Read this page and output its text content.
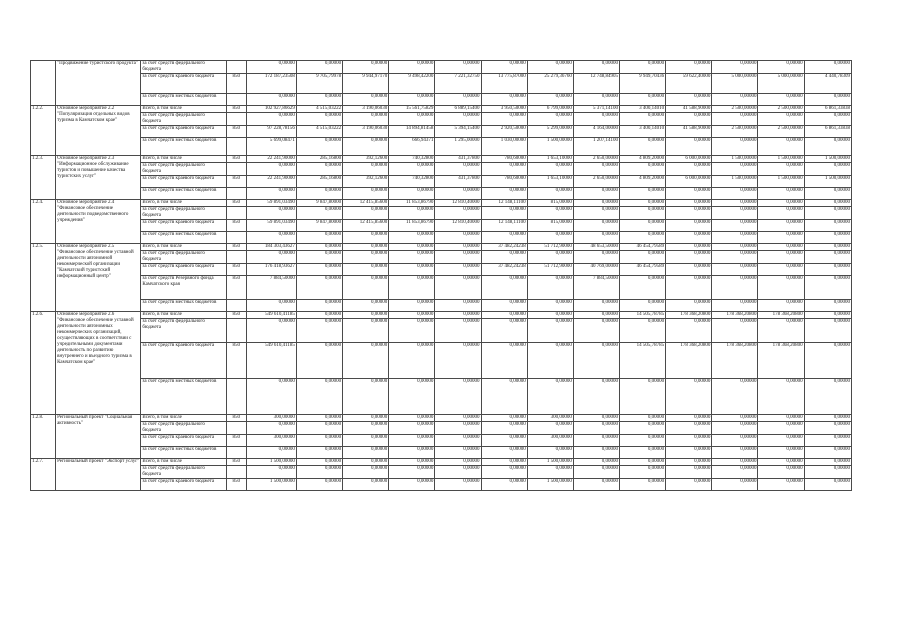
	"Продвижение туристского продукта"	за счет средств федерального бюджета		0,00000	0,00000	0,00000	0,00000	0,00000	0,00000	0,00000	0,00000	0,00000	0,00000	0,00000	0,00000	0,00000
		за счет средств краевого бюджета	850	172 187,23508	9 705,79978	9 944,97170	9 498,42200	7 221,32750	13 775,87000	25 279,36760	12 748,84905	9 949,70436	59 622,40000	5 000,00000	5 000,00000	4 440,78309
		за счет средств местных бюджетов		0,00000	0,00000	0,00000	0,00000	0,00000	0,00000	0,00000	0,00000	0,00000	0,00000	0,00000	0,00000	0,00000
1.2.2.	Основное мероприятие 2.2 "Популяризация отдельных видов туризма в Камчатском крае"	Всего, в том числе	850	102 927,86629	4 515,03222	3 190,06030	15 561,75829	6 889,15400	3 950,50000	6 799,00000	5 371,14100	3 400,14010	41 588,90000	2 500,00000	2 500,00000	6 861,33838
		за счет средств федерального бюджета		0,00000	0,00000	0,00000	0,00000	0,00000	0,00000	0,00000	0,00000	0,00000	0,00000	0,00000	0,00000	0,00000
		за счет средств краевого бюджета	850	97 228,78156	4 515,03222	3 190,06030	14 894,81458	5 394,15400	2 920,50000	5 299,00000	4 164,00000	3 400,14010	41 588,90000	2 500,00000	2 500,00000	6 861,33838
		за счет средств местных бюджетов		5 699,08471	0,00000	0,00000	666,94371	1 295,00000	1 030,00000	1 500,00000	1 207,14100	0,00000	0,00000	0,00000	0,00000	0,00000
1.2.3.	Основное мероприятие 2.3 "Информационное обслуживание туристов и повышение качества туристских услуг"	Всего, в том числе	850	22 241,90000	285,16800	392,12600	740,32800	431,37800	780,60000	1 653,10000	2 650,00000	4 809,20000	6 000,00000	1 500,00000	1 500,00000	1 500,00000
		за счет средств федерального бюджета		0,00000	0,00000	0,00000	0,00000	0,00000	0,00000	0,00000	0,00000	0,00000	0,00000	0,00000	0,00000	0,00000
		за счет средств краевого бюджета	850	22 241,90000	285,16800	392,12600	740,32800	431,37800	780,60000	1 653,10000	2 650,00000	4 809,20000	6 000,00000	1 500,00000	1 500,00000	1 500,00000
		за счет средств местных бюджетов		0,00000	0,00000	0,00000	0,00000	0,00000	0,00000	0,00000	0,00000	0,00000	0,00000	0,00000	0,00000	0,00000
1.2.4.	Основное мероприятие 2.4 "Финансовое обеспечение деятельности подведомственного учреждения"	Всего, в том числе	850	59 891,03490	9 847,80000	12 415,85600	11 853,86790	12 810,40000	12 148,11100	815,00000	0,00000	0,00000	0,00000	0,00000	0,00000	0,00000
		за счет средств федерального бюджета		0,00000	0,00000	0,00000	0,00000	0,00000	0,00000	0,00000	0,00000	0,00000	0,00000	0,00000	0,00000	0,00000
		за счет средств краевого бюджета	850	59 891,03490	9 847,80000	12 415,85600	11 853,86790	12 810,40000	12 148,11100	815,00000	0,00000	0,00000	0,00000	0,00000	0,00000	0,00000
		за счет средств местных бюджетов		0,00000	0,00000	0,00000	0,00000	0,00000	0,00000	0,00000	0,00000	0,00000	0,00000	0,00000	0,00000	0,00000
1.2.5.	Основное мероприятие 2.5 "Финансовое обеспечение уставной деятельности автономной некоммерческой организации "Камчатский туристский информационный центр"	Всего, в том числе	850	184 303,43627	0,00000	0,00000	0,00000	0,00000	37 482,24238	51 712,90000	48 653,50000	46 454,79589	0,00000	0,00000	0,00000	0,00000
		за счет средств федерального бюджета		0,00000	0,00000	0,00000	0,00000	0,00000	0,00000	0,00000	0,00000	0,00000	0,00000	0,00000	0,00000	0,00000
		за счет средств краевого бюджета	850	176 418,93627	0,00000	0,00000	0,00000	0,00000	37 482,24238	51 712,90000	40 769,00000	46 454,79589	0,00000	0,00000	0,00000	0,00000
		за счет средств Резервного фонда Камчатского края	850	7 884,50000	0,00000	0,00000	0,00000	0,00000	0,00000	0,00000	7 884,50000	0,00000	0,00000	0,00000	0,00000	0,00000
		за счет средств местных бюджетов		0,00000	0,00000	0,00000	0,00000	0,00000	0,00000	0,00000	0,00000	0,00000	0,00000	0,00000	0,00000	0,00000
1.2.6.	Основное мероприятие 2.6 "Финансовое обеспечение уставной деятельности автономных некоммерческих организаций, осуществляющих в соответствии с учредительными документами деятельность по развитию внутреннего и въездного туризма в Камчатском крае"	Всего, в том числе	850	549 610,41185	0,00000	0,00000	0,00000	0,00000	0,00000	0,00000	0,00000	14 505,78785	178 368,20800	178 368,20800	178 368,20800	0,00000
		за счет средств федерального бюджета		0,00000	0,00000	0,00000	0,00000	0,00000	0,00000	0,00000	0,00000	0,00000	0,00000	0,00000	0,00000	0,00000
		за счет средств краевого бюджета	850	549 610,41185	0,00000	0,00000	0,00000	0,00000	0,00000	0,00000	0,00000	14 505,78785	178 368,20800	178 368,20800	178 368,20800	0,00000
		за счет средств местных бюджетов		0,00000	0,00000	0,00000	0,00000	0,00000	0,00000	0,00000	0,00000	0,00000	0,00000	0,00000	0,00000	0,00000
1.2.8.	Региональный проект "Социальная активность"	Всего, в том числе	850	300,00000	0,00000	0,00000	0,00000	0,00000	0,00000	300,00000	0,00000	0,00000	0,00000	0,00000	0,00000	0,00000
		за счет средств федерального бюджета		0,00000	0,00000	0,00000	0,00000	0,00000	0,00000	0,00000	0,00000	0,00000	0,00000	0,00000	0,00000	0,00000
		за счет средств краевого бюджета	850	300,00000	0,00000	0,00000	0,00000	0,00000	0,00000	300,00000	0,00000	0,00000	0,00000	0,00000	0,00000	0,00000
		за счет средств местных бюджетов		0,00000	0,00000	0,00000	0,00000	0,00000	0,00000	0,00000	0,00000	0,00000	0,00000	0,00000	0,00000	0,00000
1.2.7.	Региональный проект "Экспорт услуг"	Всего, в том числе	850	1 500,00000	0,00000	0,00000	0,00000	0,00000	0,00000	1 500,00000	0,00000	0,00000	0,00000	0,00000	0,00000	0,00000
		за счет средств федерального бюджета		0,00000	0,00000	0,00000	0,00000	0,00000	0,00000	0,00000	0,00000	0,00000	0,00000	0,00000	0,00000	0,00000
		за счет средств краевого бюджета	850	1 500,00000	0,00000	0,00000	0,00000	0,00000	0,00000	1 500,00000	0,00000	0,00000	0,00000	0,00000	0,00000	0,00000
